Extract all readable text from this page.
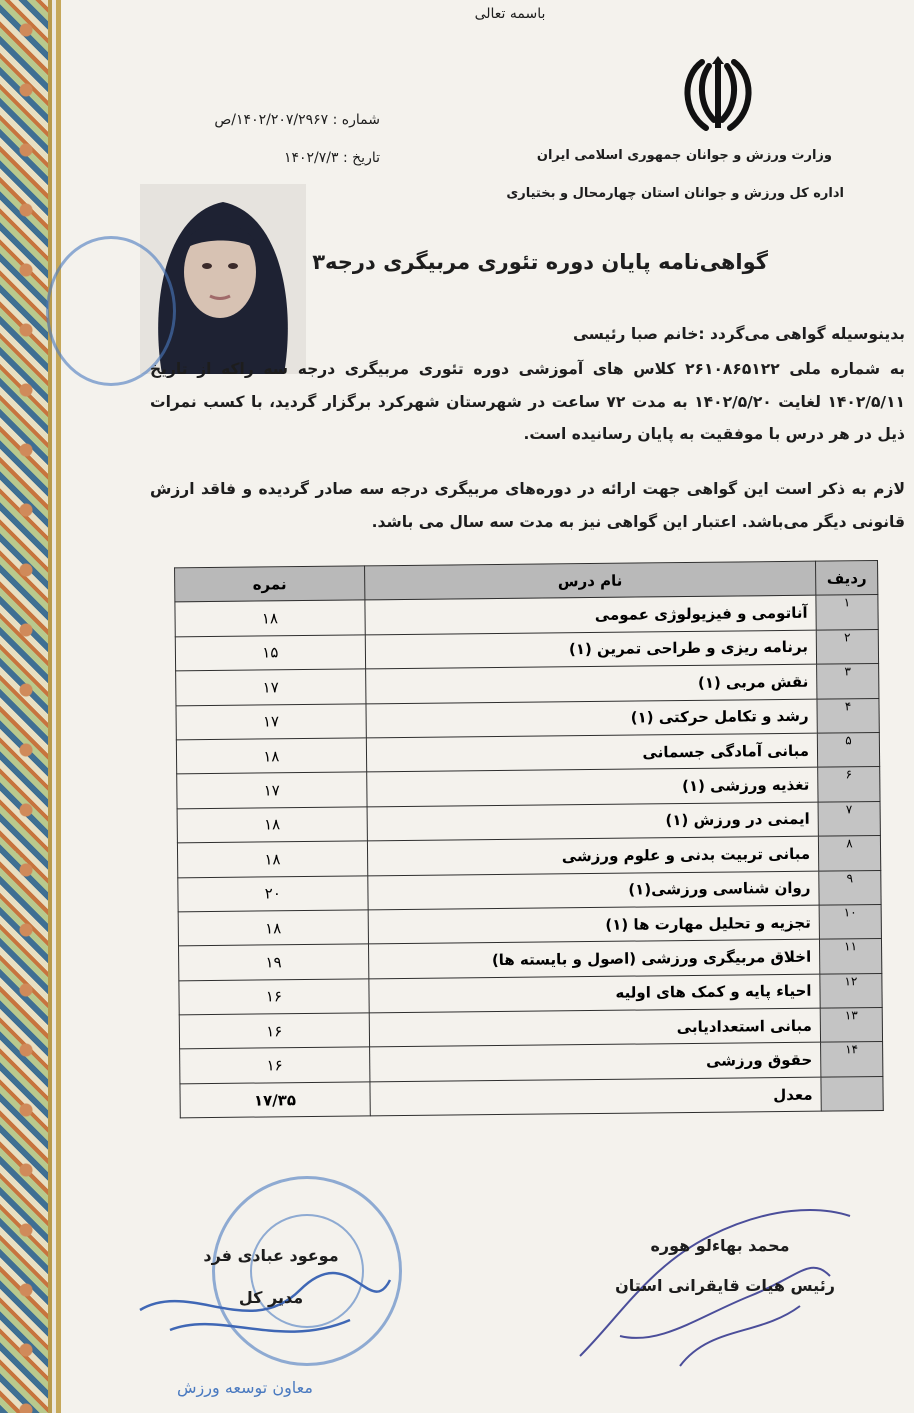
باسمه تعالی
وزارت ورزش و جوانان جمهوری اسلامی ایران
اداره کل ورزش و جوانان استان چهارمحال و بختیاری
شماره : ۱۴۰۲/۲۰۷/۲۹۶۷/ص
تاریخ : ۱۴۰۲/۷/۳
گواهی‌نامه پایان دوره تئوری مربیگری درجه۳
بدینوسیله گواهی می‌گردد :خانم صبا رئیسی
به شماره ملی ۲۶۱۰۸۶۵۱۲۲ کلاس های آموزشی دوره تئوری مربیگری درجه سه راکه از تاریخ ۱۴۰۲/۵/۱۱ لغایت ۱۴۰۲/۵/۲۰ به مدت ۷۲ ساعت در شهرستان شهرکرد برگزار گردید، با کسب نمرات ذیل در هر درس با موفقیت به پایان رسانیده است.
لازم به ذکر است این گواهی جهت ارائه در دوره‌های مربیگری درجه سه صادر گردیده و فاقد ارزش قانونی دیگر می‌باشد. اعتبار این گواهی نیز به مدت سه سال می باشد.
ردیف	نام درس	نمره
۱	آناتومی و فیزیولوژی عمومی	۱۸
۲	برنامه ریزی و طراحی تمرین (۱)	۱۵
۳	نقش مربی (۱)	۱۷
۴	رشد و تکامل حرکتی (۱)	۱۷
۵	مبانی آمادگی جسمانی	۱۸
۶	تغذیه ورزشی (۱)	۱۷
۷	ایمنی در ورزش (۱)	۱۸
۸	مبانی تربیت بدنی و علوم ورزشی	۱۸
۹	روان شناسی ورزشی(۱)	۲۰
۱۰	تجزیه و تحلیل مهارت ها (۱)	۱۸
۱۱	اخلاق مربیگری ورزشی (اصول و بایسته ها)	۱۹
۱۲	احیاء پایه و کمک های اولیه	۱۶
۱۳	مبانی استعدادیابی	۱۶
۱۴	حقوق ورزشی	۱۶
	معدل	۱۷/۳۵
محمد بهاءلو هوره
رئیس هیات قایقرانی استان
موعود عبادی فرد
مدیر کل
معاون توسعه ورزش
